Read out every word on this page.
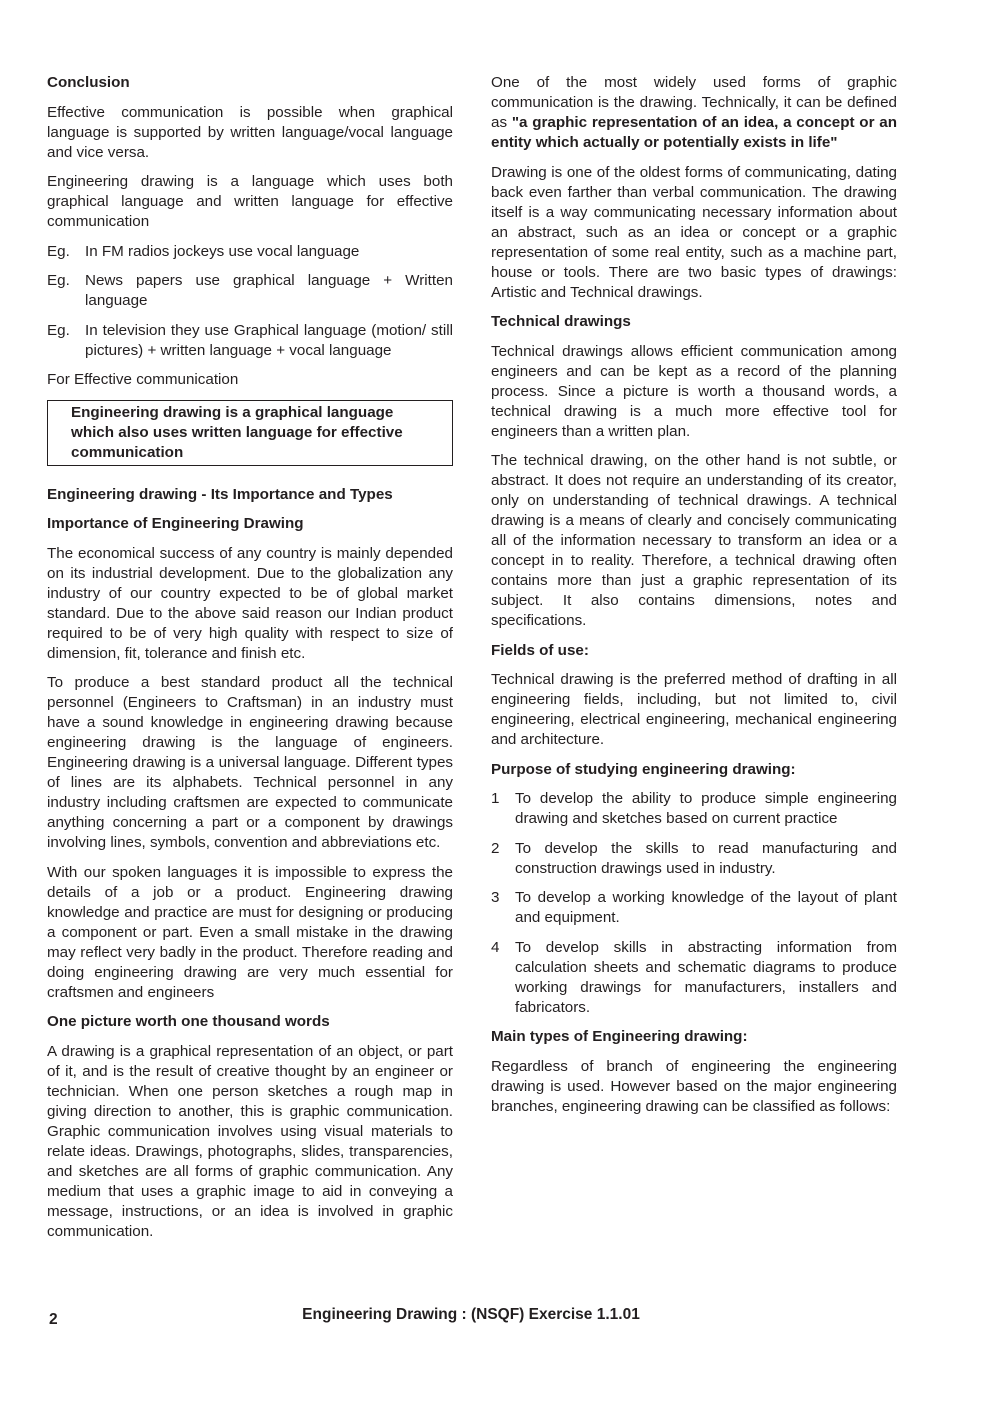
Conclusion

Effective communication is possible when graphical language is supported by written language/vocal language and vice versa.

Engineering drawing is a language which uses both graphical language and written language for effective communication

Eg.	In FM radios jockeys use vocal language
Eg.	News papers use graphical language + Written language
Eg.	In television they use Graphical language (motion/ still pictures) + written language + vocal language

For Effective communication

Engineering drawing is a graphical language which also uses written language for effective communication
Engineering drawing - Its Importance and Types
Importance of Engineering Drawing

The economical success of any country is mainly depended on its industrial development. Due to the globalization any industry of our country expected to be of global market standard. Due to the above said reason our Indian product required to be of very high quality with respect to size of dimension, fit, tolerance and finish etc.

To produce a best standard product all the technical personnel (Engineers to Craftsman) in an industry must have a sound knowledge in engineering drawing because engineering drawing is the language of engineers. Engineering drawing is a universal language. Different types of lines are its alphabets. Technical personnel in any industry including craftsmen are expected to communicate anything concerning a part or a component by drawings involving lines, symbols, convention and abbreviations etc.

With our spoken languages it is impossible to express the details of a job or a product. Engineering drawing knowledge and practice are must for designing or producing a component or part. Even a small mistake in the drawing may reflect very badly in the product. Therefore reading and doing engineering drawing are very much essential for craftsmen and engineers

One picture worth one thousand words

A drawing is a graphical representation of an object, or part of it, and is the result of creative thought by an engineer or technician. When one person sketches a rough map in giving direction to another, this is graphic communication. Graphic communication involves using visual materials to relate ideas. Drawings, photographs, slides, transparencies, and sketches are all forms of graphic communication. Any medium that uses a graphic image to aid in conveying a message, instructions, or an idea is involved in graphic communication.

One of the most widely used forms of graphic communication is the drawing. Technically, it can be defined as "a graphic representation of an idea, a concept or an entity which actually or potentially exists in life"

Drawing is one of the oldest forms of communicating, dating back even farther than verbal communication. The drawing itself is a way communicating necessary information about an abstract, such as an idea or concept or a graphic representation of some real entity, such as a machine part, house or tools. There are two basic types of drawings: Artistic and Technical drawings.

Technical drawings

Technical drawings allows efficient communication among engineers and can be kept as a record of the planning process. Since a picture is worth a thousand words, a technical drawing is a much more effective tool for engineers than a written plan.

The technical drawing, on the other hand is not subtle, or abstract. It does not require an understanding of its creator, only on understanding of technical drawings. A technical drawing is a means of clearly and concisely communicating all of the information necessary to transform an idea or a concept in to reality. Therefore, a technical drawing often contains more than just a graphic representation of its subject. It also contains dimensions, notes and specifications.

Fields of use:

Technical drawing is the preferred method of drafting in all engineering fields, including, but not limited to, civil engineering, electrical engineering, mechanical engineering and architecture.

Purpose of studying engineering drawing:
1	To develop the ability to produce simple engineering drawing and sketches based on current practice
2	To develop the skills to read manufacturing and construction drawings used in industry.
3	To develop a working knowledge of the layout of plant and equipment.
4	To develop skills in abstracting information from calculation sheets and schematic diagrams to produce working drawings for manufacturers, installers and fabricators.
Main types of Engineering drawing:

Regardless of branch of engineering the engineering drawing is used. However based on the major engineering branches, engineering drawing can be classified as follows:

Engineering Drawing : (NSQF) Exercise 1.1.01
2
